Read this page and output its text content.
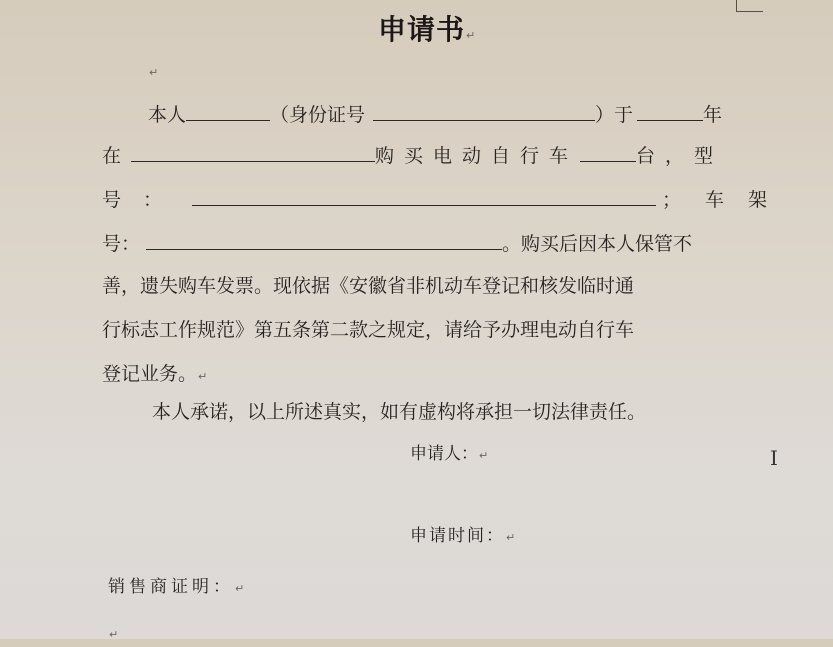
申请书↵
↵
本人	（身份证号	）于	年
在	购买电动自行车	台，型
号：	；车架
号：	。购买后因本人保管不
善，遗失购车发票。现依据《安徽省非机动车登记和核发临时通
行标志工作规范》第五条第二款之规定，请给予办理电动自行车
登记业务。↵
本人承诺，以上所述真实，如有虚构将承担一切法律责任。
申请人：↵
申请时间：↵
销售商证明：↵
↵
I
